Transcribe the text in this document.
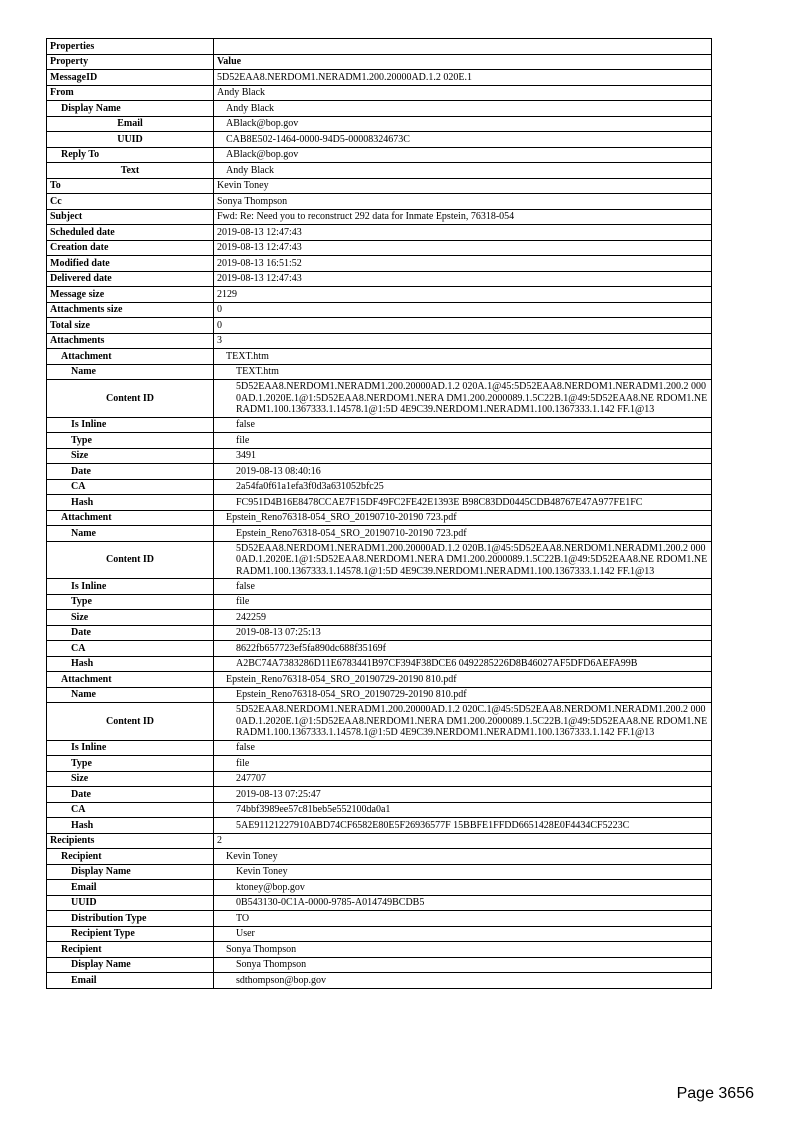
Properties	
Property	Value
MessageID	5D52EAA8.NERDOM1.NERADM1.200.20000AD.1.2 020E.1
From	Andy Black
Display Name	Andy Black
Email	ABlack@bop.gov
UUID	CAB8E502-1464-0000-94D5-00008324673C
Reply To	ABlack@bop.gov
Text	Andy Black
To	Kevin Toney
Cc	Sonya Thompson
Subject	Fwd: Re: Need you to reconstruct 292 data for Inmate Epstein, 76318-054
Scheduled date	2019-08-13 12:47:43
Creation date	2019-08-13 12:47:43
Modified date	2019-08-13 16:51:52
Delivered date	2019-08-13 12:47:43
Message size	2129
Attachments size	0
Total size	0
Attachments	3
Attachment	TEXT.htm
Name	TEXT.htm
Content ID	5D52EAA8.NERDOM1.NERADM1.200.20000AD.1.2 020A.1@45:5D52EAA8.NERDOM1.NERADM1.200.2 0000AD.1.2020E.1@1:5D52EAA8.NERDOM1.NERA DM1.200.2000089.1.5C22B.1@49:5D52EAA8.NE RDOM1.NERADM1.100.1367333.1.14578.1@1:5D 4E9C39.NERDOM1.NERADM1.100.1367333.1.142 FF.1@13
Is Inline	false
Type	file
Size	3491
Date	2019-08-13 08:40:16
CA	2a54fa0f61a1efa3f0d3a631052bfc25
Hash	FC951D4B16E8478CCAE7F15DF49FC2FE42E1393E B98C83DD0445CDB48767E47A977FE1FC
Attachment	Epstein_Reno76318-054_SRO_20190710-20190 723.pdf
Name	Epstein_Reno76318-054_SRO_20190710-20190 723.pdf
Content ID	5D52EAA8.NERDOM1.NERADM1.200.20000AD.1.2 020B.1@45:5D52EAA8.NERDOM1.NERADM1.200.2 0000AD.1.2020E.1@1:5D52EAA8.NERDOM1.NERA DM1.200.2000089.1.5C22B.1@49:5D52EAA8.NE RDOM1.NERADM1.100.1367333.1.14578.1@1:5D 4E9C39.NERDOM1.NERADM1.100.1367333.1.142 FF.1@13
Is Inline	false
Type	file
Size	242259
Date	2019-08-13 07:25:13
CA	8622fb657723ef5fa890dc688f35169f
Hash	A2BC74A7383286D11E6783441B97CF394F38DCE6 0492285226D8B46027AF5DFD6AEFA99B
Attachment	Epstein_Reno76318-054_SRO_20190729-20190 810.pdf
Name	Epstein_Reno76318-054_SRO_20190729-20190 810.pdf
Content ID	5D52EAA8.NERDOM1.NERADM1.200.20000AD.1.2 020C.1@45:5D52EAA8.NERDOM1.NERADM1.200.2 0000AD.1.2020E.1@1:5D52EAA8.NERDOM1.NERA DM1.200.2000089.1.5C22B.1@49:5D52EAA8.NE RDOM1.NERADM1.100.1367333.1.14578.1@1:5D 4E9C39.NERDOM1.NERADM1.100.1367333.1.142 FF.1@13
Is Inline	false
Type	file
Size	247707
Date	2019-08-13 07:25:47
CA	74bbf3989ee57c81beb5e552100da0a1
Hash	5AE91121227910ABD74CF6582E80E5F26936577F 15BBFE1FFDD6651428E0F4434CF5223C
Recipients	2
Recipient	Kevin Toney
Display Name	Kevin Toney
Email	ktoney@bop.gov
UUID	0B543130-0C1A-0000-9785-A014749BCDB5
Distribution Type	TO
Recipient Type	User
Recipient	Sonya Thompson
Display Name	Sonya Thompson
Email	sdthompson@bop.gov
Page 3656
